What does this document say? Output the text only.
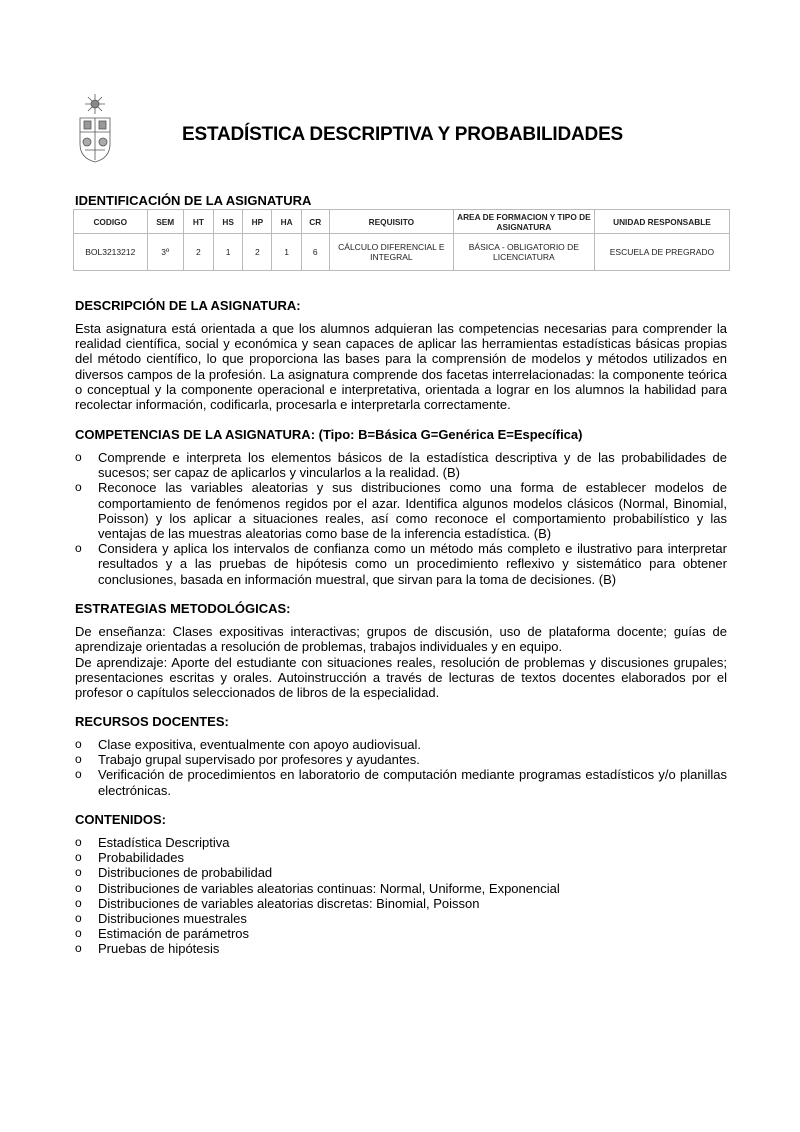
ESTADÍSTICA DESCRIPTIVA Y PROBABILIDADES
IDENTIFICACIÓN DE LA ASIGNATURA
CODIGO	SEM	HT	HS	HP	HA	CR	REQUISITO	AREA DE FORMACION Y TIPO DE ASIGNATURA	UNIDAD RESPONSABLE
BOL3213212	3º	2	1	2	1	6	CÁLCULO DIFERENCIAL E INTEGRAL	BÁSICA - OBLIGATORIO DE LICENCIATURA	ESCUELA DE PREGRADO
DESCRIPCIÓN DE LA ASIGNATURA:
Esta asignatura está orientada a que los alumnos adquieran las competencias necesarias para comprender la realidad científica, social y económica y sean capaces de aplicar las herramientas estadísticas básicas propias del método científico, lo que proporciona las bases para la comprensión de modelos y métodos utilizados en diversos campos de la profesión. La asignatura comprende dos facetas interrelacionadas: la componente teórica o conceptual y la componente operacional e interpretativa, orientada a lograr en los alumnos la habilidad para recolectar información, codificarla, procesarla e interpretarla correctamente.
COMPETENCIAS DE LA ASIGNATURA: (Tipo: B=Básica G=Genérica E=Específica)
o Comprende e interpreta los elementos básicos de la estadística descriptiva y de las probabilidades de sucesos; ser capaz de aplicarlos y vincularlos a la realidad. (B)
o Reconoce las variables aleatorias y sus distribuciones como una forma de establecer modelos de comportamiento de fenómenos regidos por el azar. Identifica algunos modelos clásicos (Normal, Binomial, Poisson) y los aplicar a situaciones reales, así como reconoce el comportamiento probabilístico y las ventajas de las muestras aleatorias como base de la inferencia estadística. (B)
o Considera y aplica los intervalos de confianza como un método más completo e ilustrativo para interpretar resultados y a las pruebas de hipótesis como un procedimiento reflexivo y sistemático para obtener conclusiones, basada en información muestral, que sirvan para la toma de decisiones. (B)
ESTRATEGIAS METODOLÓGICAS:
De enseñanza: Clases expositivas interactivas; grupos de discusión, uso de plataforma docente; guías de aprendizaje orientadas a resolución de problemas, trabajos individuales y en equipo.
De aprendizaje: Aporte del estudiante con situaciones reales, resolución de problemas y discusiones grupales; presentaciones escritas y orales. Autoinstrucción a través de lecturas de textos docentes elaborados por el profesor o capítulos seleccionados de libros de la especialidad.
RECURSOS DOCENTES:
o Clase expositiva, eventualmente con apoyo audiovisual.
o Trabajo grupal supervisado por profesores y ayudantes.
o Verificación de procedimientos en laboratorio de computación mediante programas estadísticos y/o planillas electrónicas.
CONTENIDOS:
o Estadística Descriptiva
o Probabilidades
o Distribuciones de probabilidad
o Distribuciones de variables aleatorias continuas: Normal, Uniforme, Exponencial
o Distribuciones de variables aleatorias discretas: Binomial, Poisson
o Distribuciones muestrales
o Estimación de parámetros
o Pruebas de hipótesis
